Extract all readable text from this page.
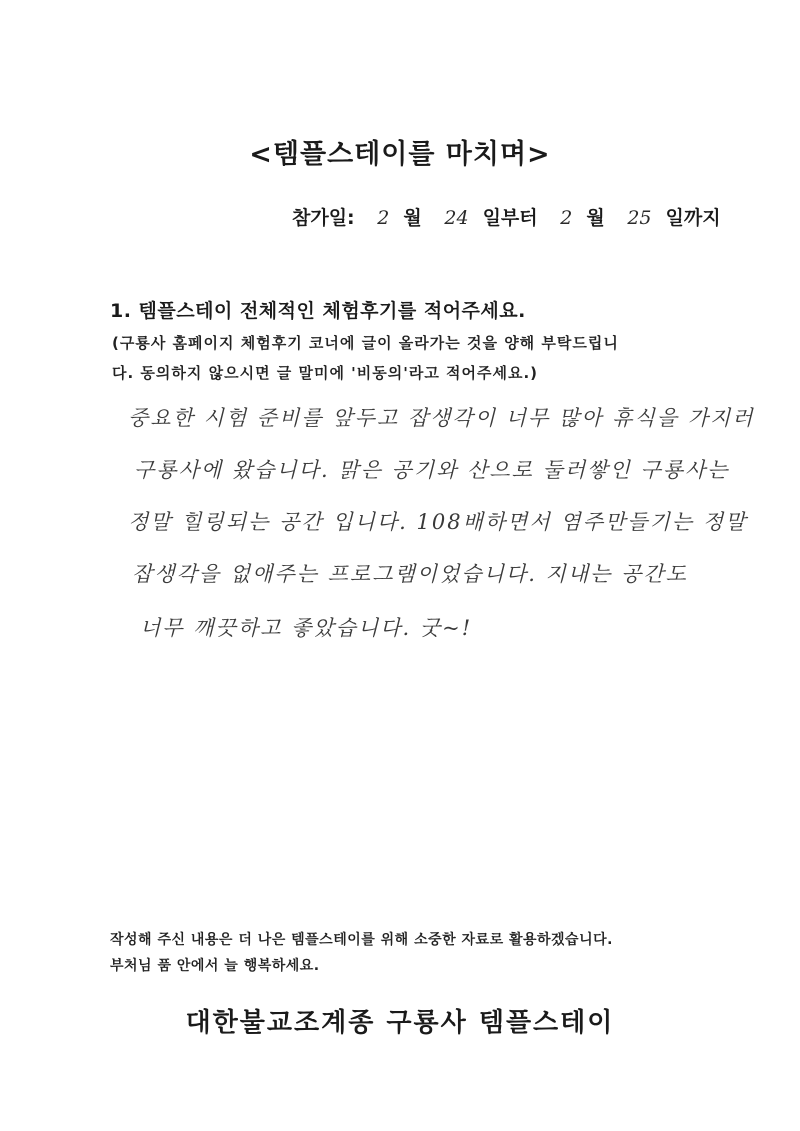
<템플스테이를 마치며>
참가일: 2 월 24 일부터 2 월 25 일까지
1. 템플스테이 전체적인 체험후기를 적어주세요.
(구룡사 홈페이지 체험후기 코너에 글이 올라가는 것을 양해 부탁드립니
다. 동의하지 않으시면 글 말미에 '비동의'라고 적어주세요.)
중요한 시험 준비를 앞두고 잡생각이 너무 많아 휴식을 가지러
구룡사에 왔습니다. 맑은 공기와 산으로 둘러쌓인 구룡사는
정말 힐링되는 공간 입니다. 108배하면서 염주만들기는 정말
잡생각을 없애주는 프로그램이었습니다. 지내는 공간도
너무 깨끗하고 좋았습니다. 굿~!
작성해 주신 내용은 더 나은 템플스테이를 위해 소중한 자료로 활용하겠습니다.
부처님 품 안에서 늘 행복하세요.
대한불교조계종 구룡사 템플스테이
